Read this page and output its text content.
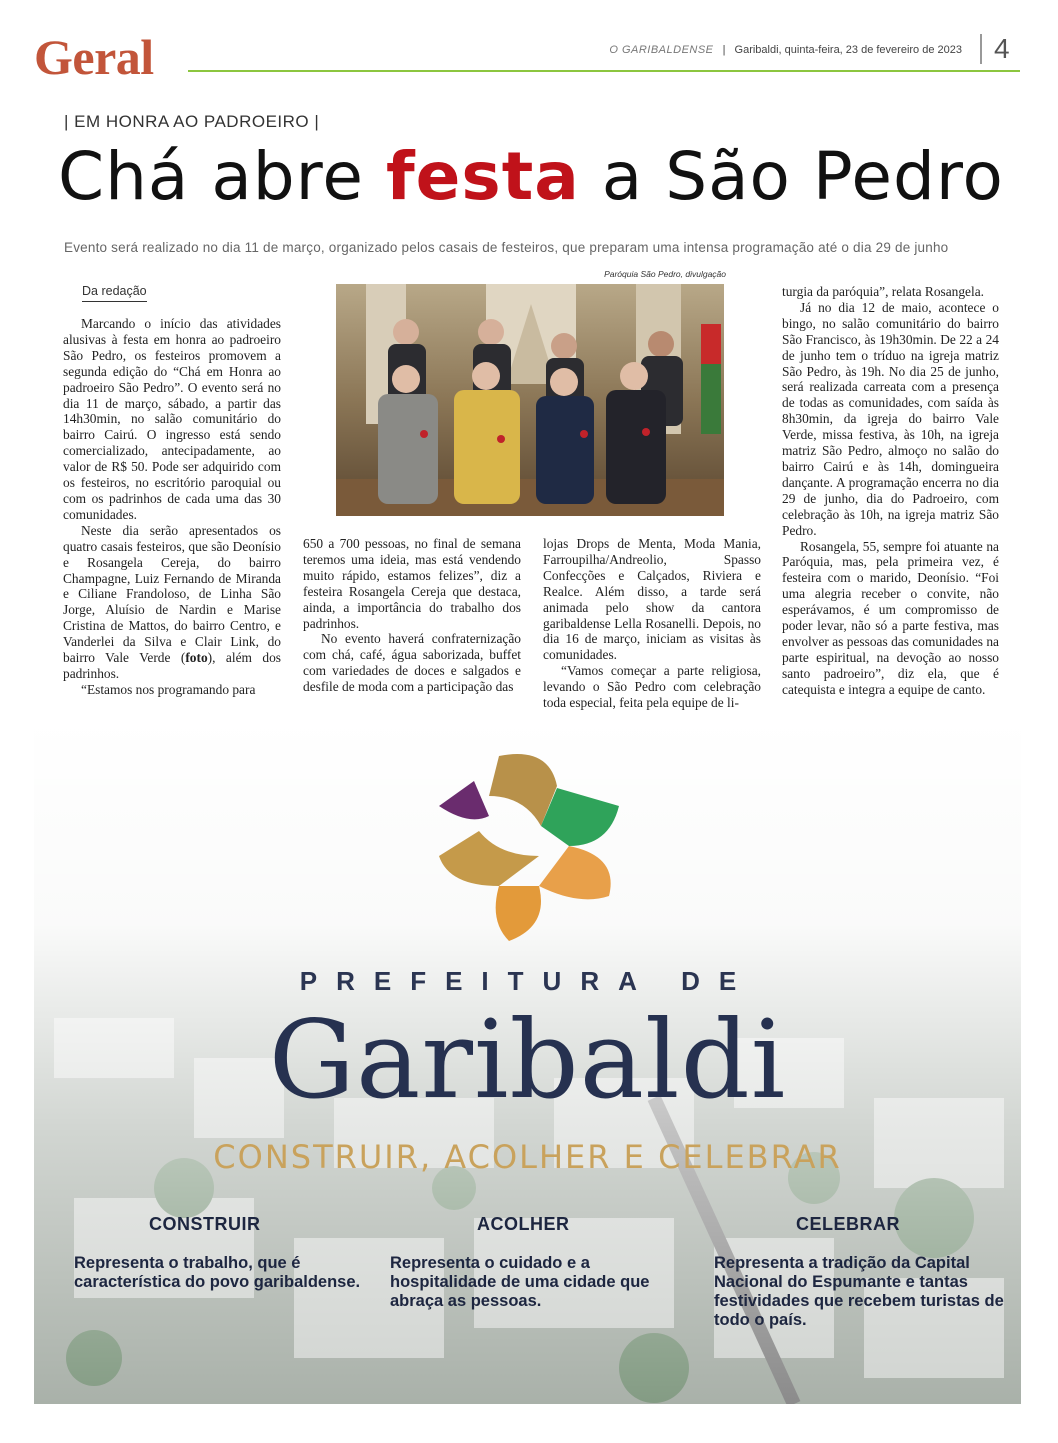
Geral	O GARIBALDENSE | Garibaldi, quinta-feira, 23 de fevereiro de 2023	4
| EM HONRA AO PADROEIRO |
Chá abre festa a São Pedro
Evento será realizado no dia 11 de março, organizado pelos casais de festeiros, que preparam uma intensa programação até o dia 29 de junho
Da redação

Marcando o início das atividades alusivas à festa em honra ao padroeiro São Pedro, os festeiros promovem a segunda edição do “Chá em Honra ao padroeiro São Pedro”. O evento será no dia 11 de março, sábado, a partir das 14h30min, no salão comunitário do bairro Cairú. O ingresso está sendo comercializado, antecipadamente, ao valor de R$ 50. Pode ser adquirido com os festeiros, no escritório paroquial ou com os padrinhos de cada uma das 30 comunidades.

Neste dia serão apresentados os quatro casais festeiros, que são Deonísio e Rosangela Cereja, do bairro Champagne, Luiz Fernando de Miranda e Ciliane Frandoloso, de Linha São Jorge, Aluísio de Nardin e Marise Cristina de Mattos, do bairro Centro, e Vanderlei da Silva e Clair Link, do bairro Vale Verde (foto), além dos padrinhos.

“Estamos nos programando para

Paróquia São Pedro, divulgação

650 a 700 pessoas, no final de semana teremos uma ideia, mas está vendendo muito rápido, estamos felizes”, diz a festeira Rosangela Cereja que destaca, ainda, a importância do trabalho dos padrinhos.

No evento haverá confraternização com chá, café, água saborizada, buffet com variedades de doces e salgados e desfile de moda com a participação das

lojas Drops de Menta, Moda Mania, Farroupilha/Andreolio, Spasso Confecções e Calçados, Riviera e Realce. Além disso, a tarde será animada pelo show da cantora garibaldense Lella Rosanelli. Depois, no dia 16 de março, iniciam as visitas às comunidades.

“Vamos começar a parte religiosa, levando o São Pedro com celebração toda especial, feita pela equipe de li-

turgia da paróquia”, relata Rosangela.

Já no dia 12 de maio, acontece o bingo, no salão comunitário do bairro São Francisco, às 19h30min. De 22 a 24 de junho tem o tríduo na igreja matriz São Pedro, às 19h. No dia 25 de junho, será realizada carreata com a presença de todas as comunidades, com saída às 8h30min, da igreja do bairro Vale Verde, missa festiva, às 10h, na igreja matriz São Pedro, almoço no salão do bairro Cairú e às 14h, domingueira dançante. A programação encerra no dia 29 de junho, dia do Padroeiro, com celebração às 10h, na igreja matriz São Pedro.

Rosangela, 55, sempre foi atuante na Paróquia, mas, pela primeira vez, é festeira com o marido, Deonísio. “Foi uma alegria receber o convite, não esperávamos, é um compromisso de poder levar, não só a parte festiva, mas envolver as pessoas das comunidades na parte espiritual, na devoção ao nosso santo padroeiro”, diz ela, que é catequista e integra a equipe de canto.

PREFEITURA DE
Garibaldi
CONSTRUIR, ACOLHER E CELEBRAR
CONSTRUIR
Representa o trabalho, que é característica do povo garibaldense.
ACOLHER
Representa o cuidado e a hospitalidade de uma cidade que abraça as pessoas.
CELEBRAR
Representa a tradição da Capital Nacional do Espumante e tantas festividades que recebem turistas de todo o país.
